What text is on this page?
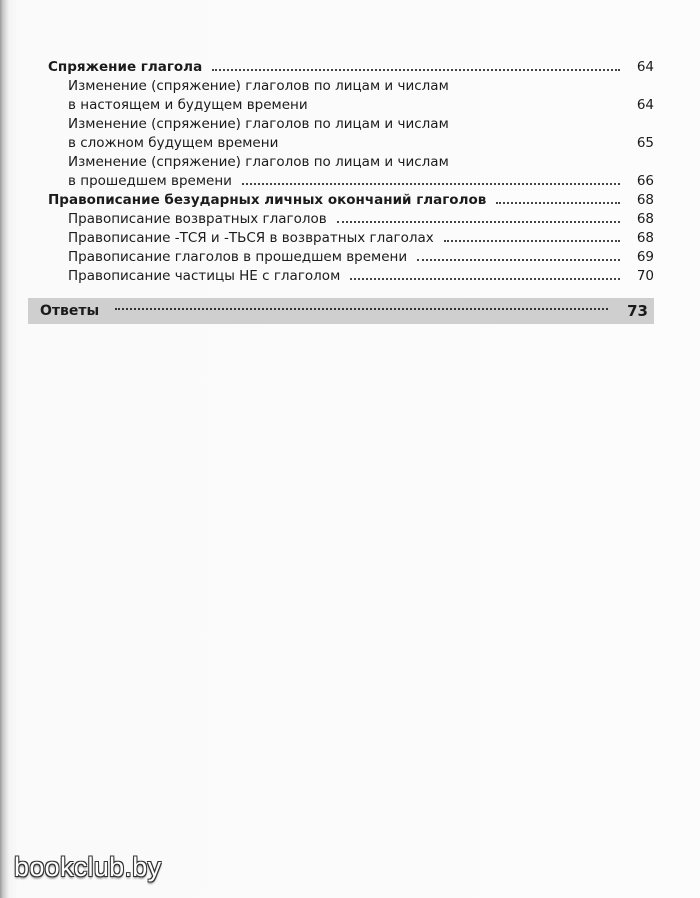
Спряжение глагола	64
Изменение (спряжение) глаголов по лицам и числам
в настоящем и будущем времени	64
Изменение (спряжение) глаголов по лицам и числам
в сложном будущем времени	65
Изменение (спряжение) глаголов по лицам и числам
в прошедшем времени	66
Правописание безударных личных окончаний глаголов	68
Правописание возвратных глаголов	68
Правописание -ТСЯ и -ТЬСЯ в возвратных глаголах	68
Правописание глаголов в прошедшем времени	69
Правописание частицы НЕ с глаголом	70
Ответы	73
bookclub.by
